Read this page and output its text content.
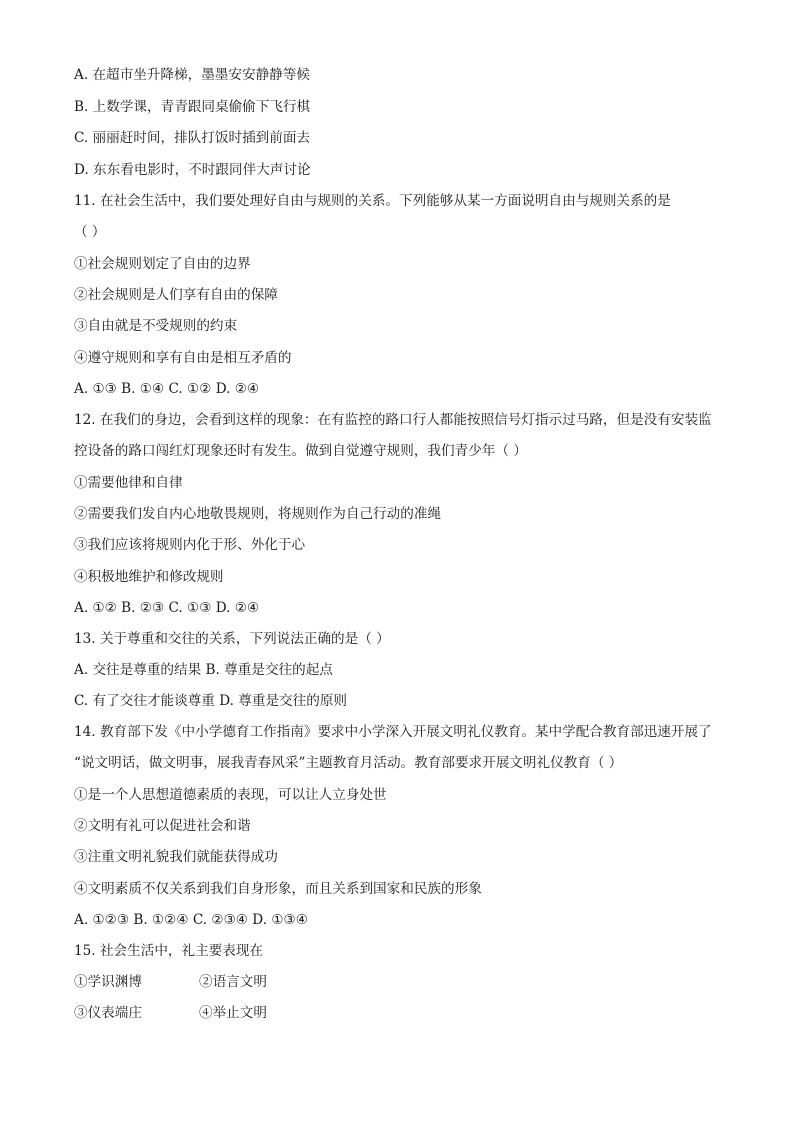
A. 在超市坐升降梯，墨墨安安静静等候
B. 上数学课，青青跟同桌偷偷下飞行棋
C. 丽丽赶时间，排队打饭时插到前面去
D. 东东看电影时，不时跟同伴大声讨论
11. 在社会生活中，我们要处理好自由与规则的关系。下列能够从某一方面说明自由与规则关系的是
（ ）
①社会规则划定了自由的边界
②社会规则是人们享有自由的保障
③自由就是不受规则的约束
④遵守规则和享有自由是相互矛盾的
A. ①③ B. ①④ C. ①② D. ②④
12. 在我们的身边，会看到这样的现象：在有监控的路口行人都能按照信号灯指示过马路，但是没有安装监
控设备的路口闯红灯现象还时有发生。做到自觉遵守规则，我们青少年（ ）
①需要他律和自律
②需要我们发自内心地敬畏规则，将规则作为自己行动的准绳
③我们应该将规则内化于形、外化于心
④积极地维护和修改规则
A. ①② B. ②③ C. ①③ D. ②④
13. 关于尊重和交往的关系，下列说法正确的是（ ）
A. 交往是尊重的结果 B. 尊重是交往的起点
C. 有了交往才能谈尊重 D. 尊重是交往的原则
14. 教育部下发《中小学德育工作指南》要求中小学深入开展文明礼仪教育。某中学配合教育部迅速开展了
“说文明话，做文明事，展我青春风采”主题教育月活动。教育部要求开展文明礼仪教育（ ）
①是一个人思想道德素质的表现，可以让人立身处世
②文明有礼可以促进社会和谐
③注重文明礼貌我们就能获得成功
④文明素质不仅关系到我们自身形象，而且关系到国家和民族的形象
A. ①②③ B. ①②④ C. ②③④ D. ①③④
15. 社会生活中，礼主要表现在
①学识渊博	②语言文明
③仪表端庄	④举止文明
